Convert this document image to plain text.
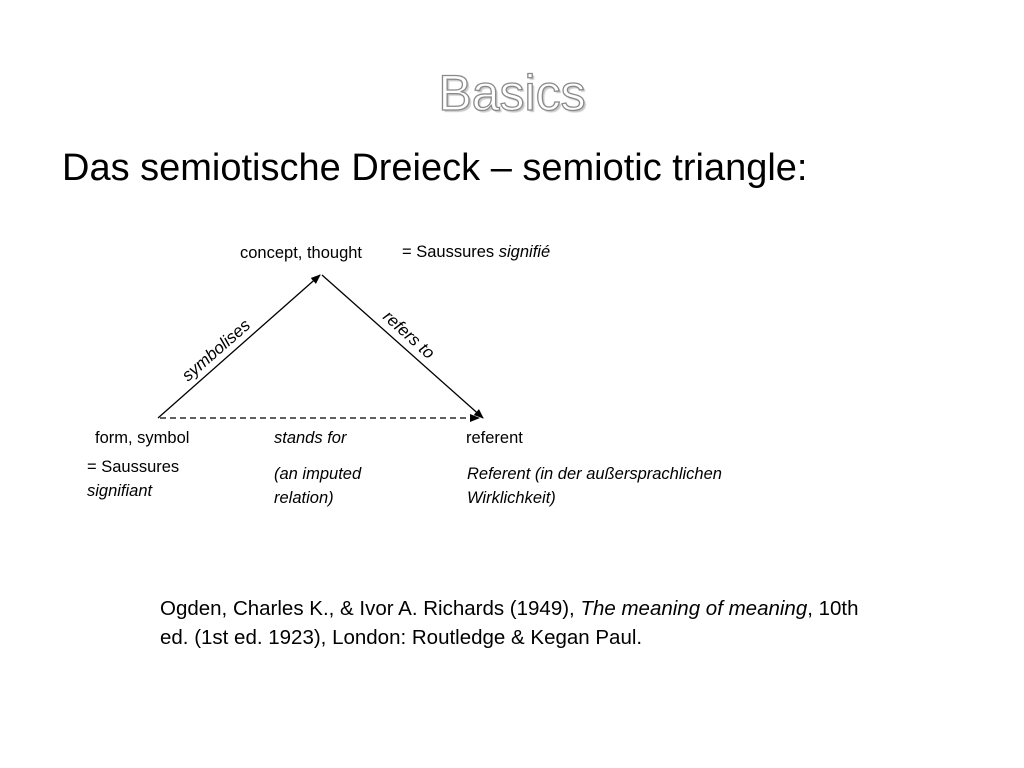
Basics
Das semiotische Dreieck – semiotic triangle:
symbolises	refers to
concept, thought = Saussures signifié
form, symbol
= Saussures
signifiant
stands for
(an imputed
relation)
referent
Referent (in der außersprachlichen
Wirklichkeit)
Ogden, Charles K., & Ivor A. Richards (1949), The meaning of meaning, 10th ed. (1st ed. 1923), London: Routledge & Kegan Paul.
